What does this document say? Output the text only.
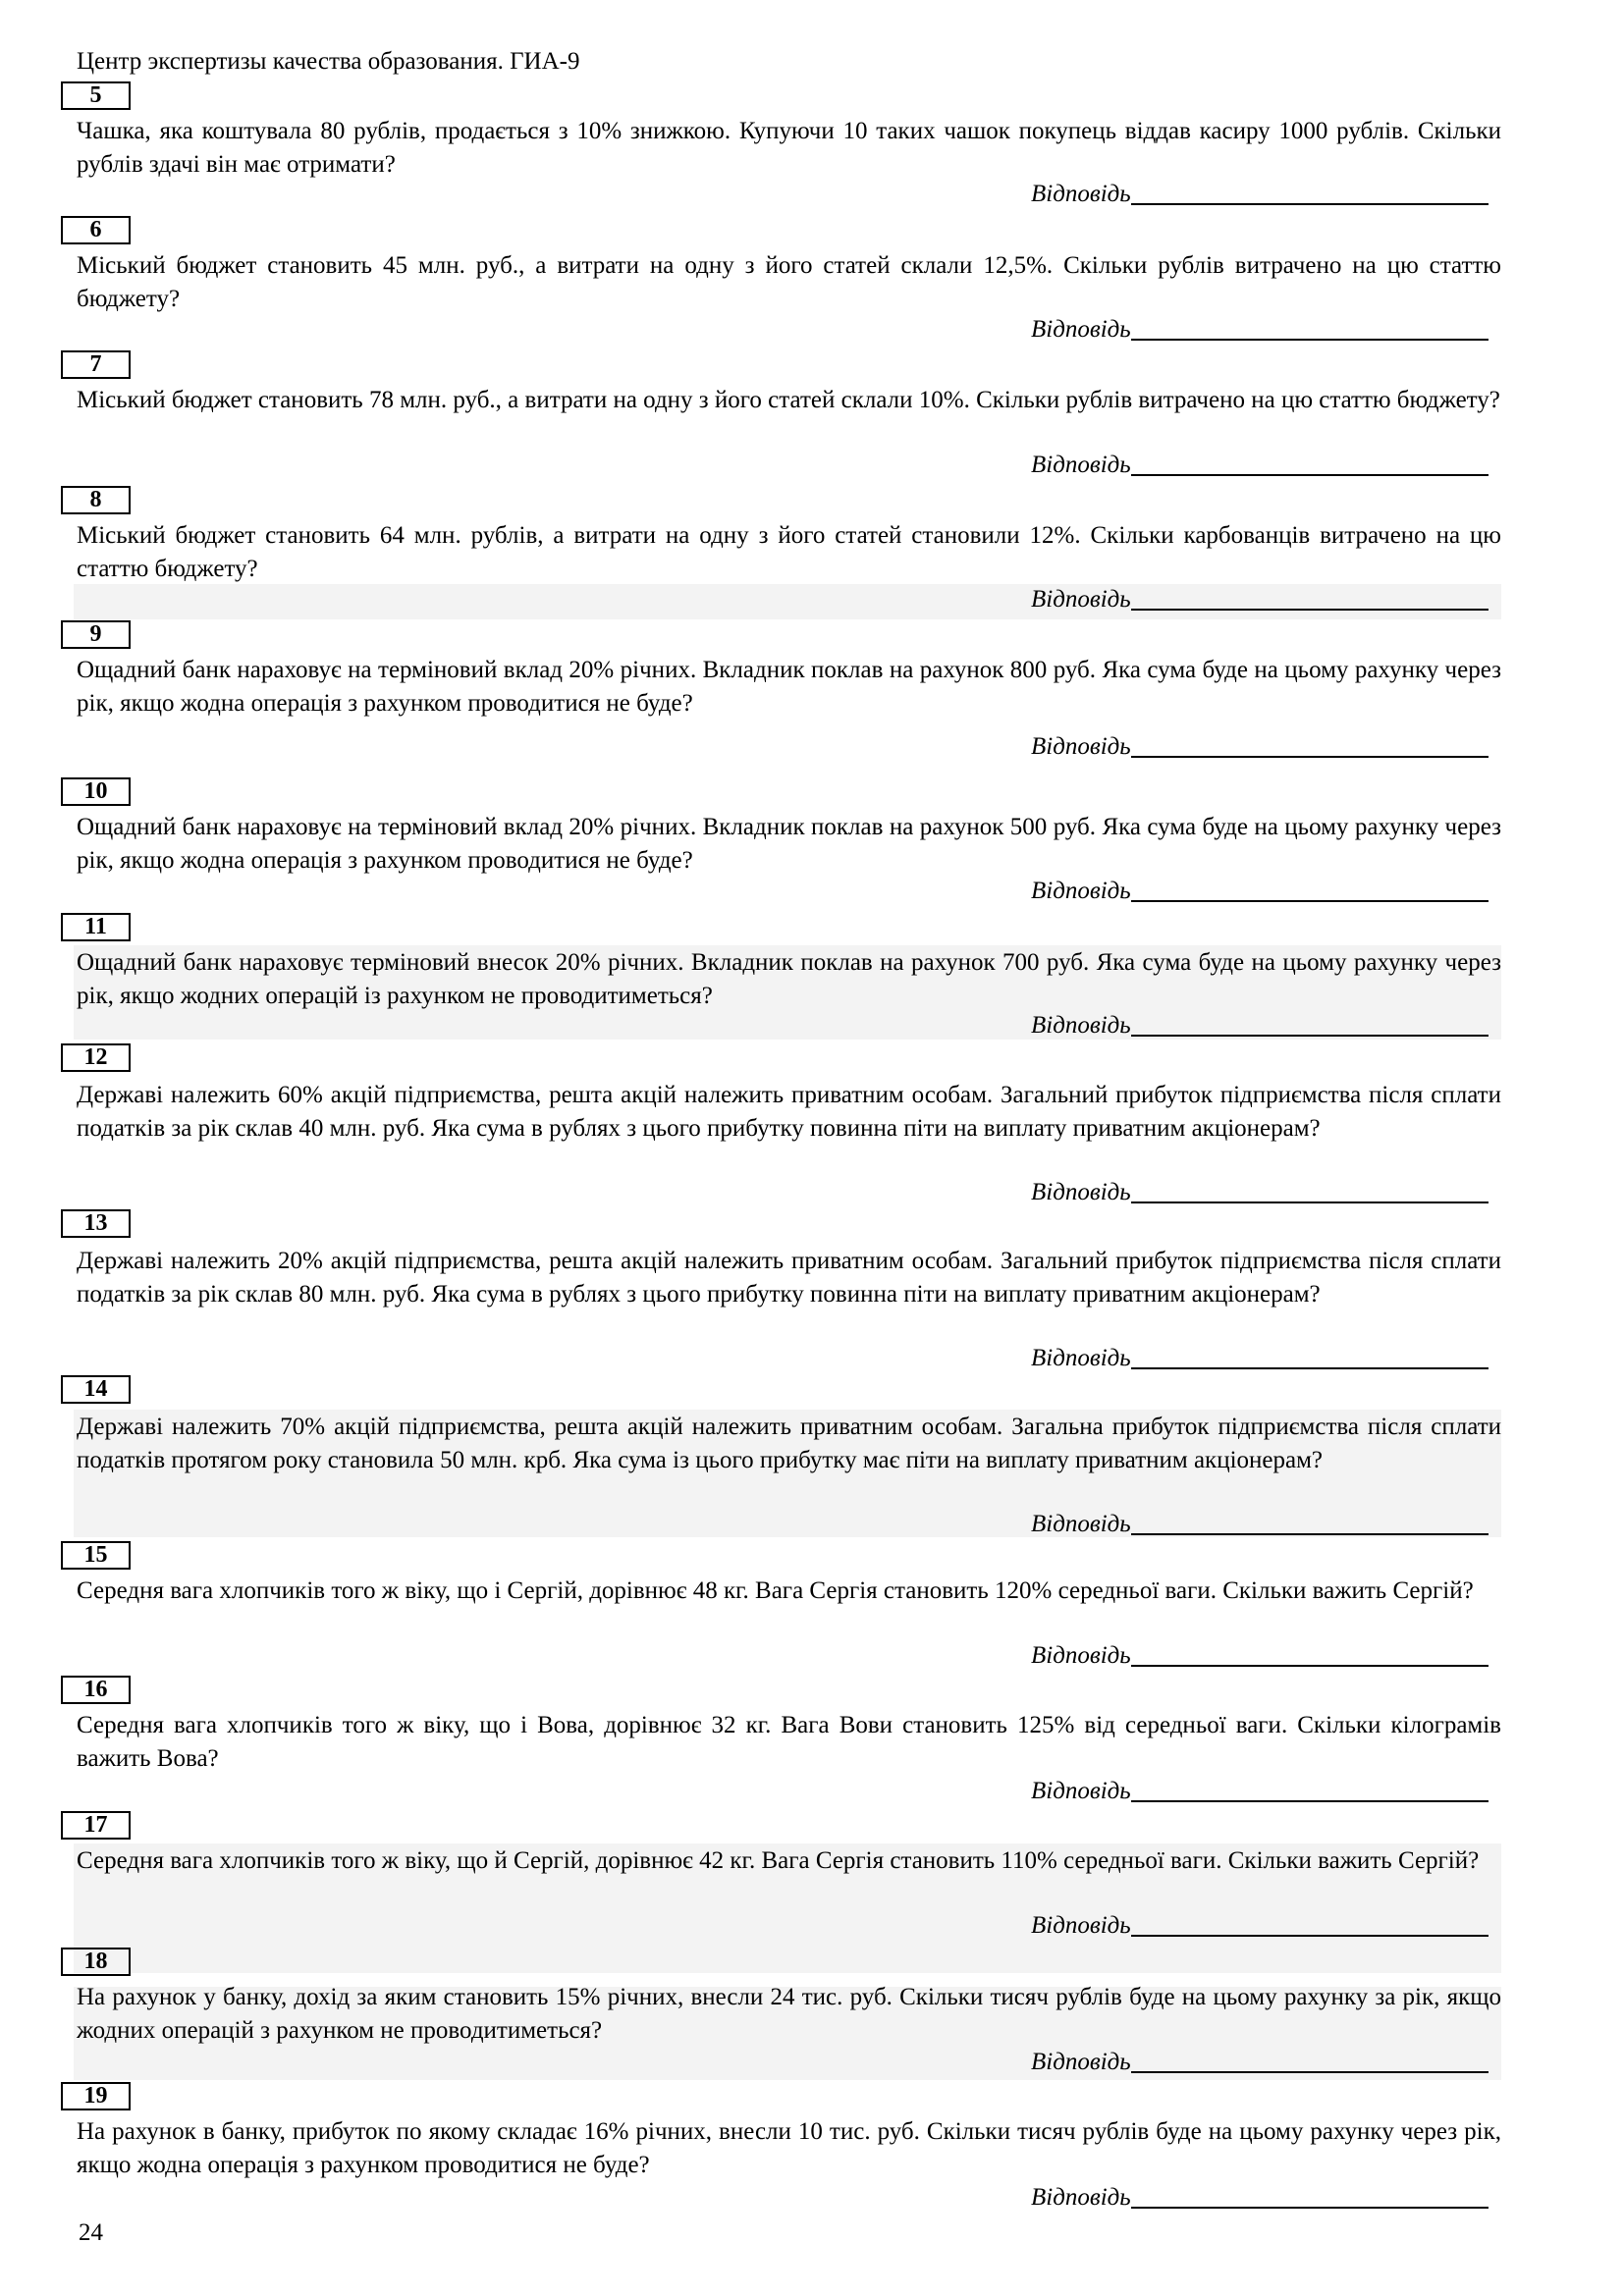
Центр экспертизы качества образования. ГИА-9
5
Чашка, яка коштувала 80 рублів, продається з 10% знижкою. Купуючи 10 таких чашок покупець віддав касиру 1000 рублів. Скільки рублів здачі він має отримати?
Відповідь
6
Міський бюджет становить 45 млн. руб., а витрати на одну з його статей склали 12,5%. Скільки рублів витрачено на цю статтю бюджету?
Відповідь
7
Міський бюджет становить 78 млн. руб., а витрати на одну з його статей склали 10%. Скільки рублів витрачено на цю статтю бюджету?
Відповідь
8
Міський бюджет становить 64 млн. рублів, а витрати на одну з його статей становили 12%. Скільки карбованців витрачено на цю статтю бюджету?
Відповідь
9
Ощадний банк нараховує на терміновий вклад 20% річних. Вкладник поклав на рахунок 800 руб. Яка сума буде на цьому рахунку через рік, якщо жодна операція з рахунком проводитися не буде?
Відповідь
10
Ощадний банк нараховує на терміновий вклад 20% річних. Вкладник поклав на рахунок 500 руб. Яка сума буде на цьому рахунку через рік, якщо жодна операція з рахунком проводитися не буде?
Відповідь
11
Ощадний банк нараховує терміновий внесок 20% річних. Вкладник поклав на рахунок 700 руб. Яка сума буде на цьому рахунку через рік, якщо жодних операцій із рахунком не проводитиметься?
Відповідь
12
Державі належить 60% акцій підприємства, решта акцій належить приватним особам. Загальний прибуток підприємства після сплати податків за рік склав 40 млн. руб. Яка сума в рублях з цього прибутку повинна піти на виплату приватним акціонерам?
Відповідь
13
Державі належить 20% акцій підприємства, решта акцій належить приватним особам. Загальний прибуток підприємства після сплати податків за рік склав 80 млн. руб. Яка сума в рублях з цього прибутку повинна піти на виплату приватним акціонерам?
Відповідь
14
Державі належить 70% акцій підприємства, решта акцій належить приватним особам. Загальна прибуток підприємства після сплати податків протягом року становила 50 млн. крб. Яка сума із цього прибутку має піти на виплату приватним акціонерам?
Відповідь
15
Середня вага хлопчиків того ж віку, що і Сергій, дорівнює 48 кг. Вага Сергія становить 120% середньої ваги. Скільки важить Сергій?
Відповідь
16
Середня вага хлопчиків того ж віку, що і Вова, дорівнює 32 кг. Вага Вови становить 125% від середньої ваги. Скільки кілограмів важить Вова?
Відповідь
17
Середня вага хлопчиків того ж віку, що й Сергій, дорівнює 42 кг. Вага Сергія становить 110% середньої ваги. Скільки важить Сергій?
Відповідь
18
На рахунок у банку, дохід за яким становить 15% річних, внесли 24 тис. руб. Скільки тисяч рублів буде на цьому рахунку за рік, якщо жодних операцій з рахунком не проводитиметься?
Відповідь
19
На рахунок в банку, прибуток по якому складає 16% річних, внесли 10 тис. руб. Скільки тисяч рублів буде на цьому рахунку через рік, якщо жодна операція з рахунком проводитися не буде?
Відповідь
24
